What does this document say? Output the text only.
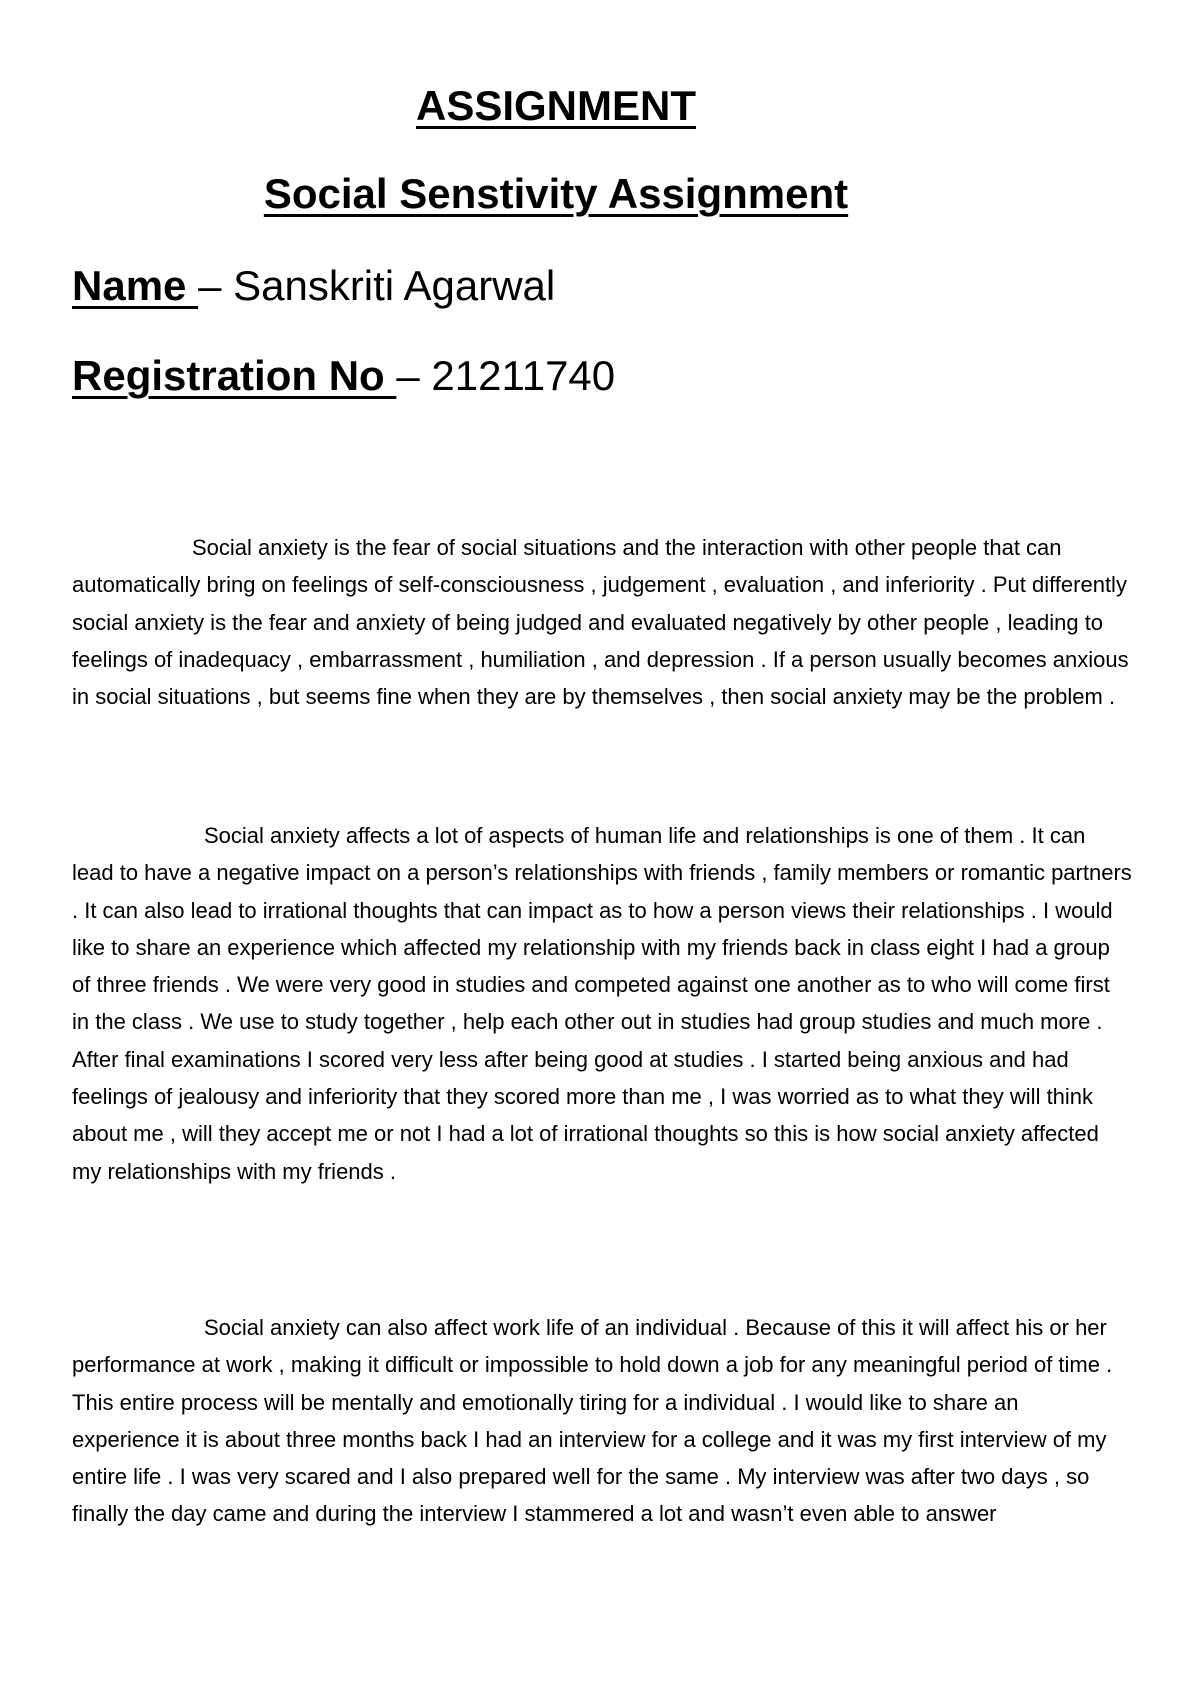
ASSIGNMENT
Social Senstivity Assignment
Name – Sanskriti Agarwal
Registration No – 21211740

Social anxiety is the fear of social situations and the interaction with other people that can automatically bring on feelings of self-consciousness , judgement , evaluation , and inferiority . Put differently social anxiety is the fear and anxiety of being judged and evaluated negatively by other people , leading to feelings of inadequacy , embarrassment , humiliation , and depression . If a person usually becomes anxious in social situations , but seems fine when they are by themselves , then social anxiety may be the problem .

Social anxiety affects a lot of aspects of human life and relationships is one of them . It can lead to have a negative impact on a person’s relationships with friends , family members or romantic partners . It can also lead to irrational thoughts that can impact as to how a person views their relationships . I would like to share an experience which affected my relationship with my friends back in class eight I had a group of three friends . We were very good in studies and competed against one another as to who will come first in the class . We use to study together , help each other out in studies had group studies and much more . After final examinations I scored very less after being good at studies . I started being anxious and had feelings of jealousy and inferiority that they scored more than me , I was worried as to what they will think about me , will they accept me or not I had a lot of irrational thoughts so this is how social anxiety affected my relationships with my friends .

Social anxiety can also affect work life of an individual . Because of this it will affect his or her performance at work , making it difficult or impossible to hold down a job for any meaningful period of time . This entire process will be mentally and emotionally tiring for a individual . I would like to share an experience it is about three months back I had an interview for a college and it was my first interview of my entire life . I was very scared and I also prepared well for the same . My interview was after two days , so finally the day came and during the interview I stammered a lot and wasn’t even able to answer
